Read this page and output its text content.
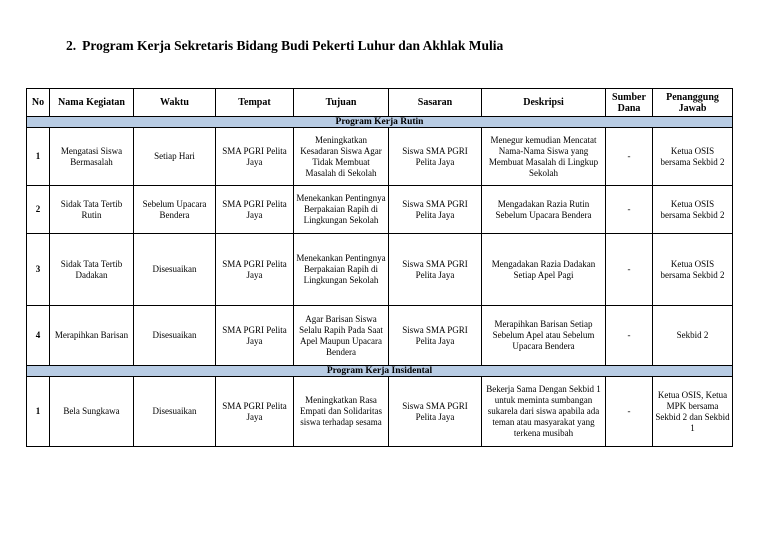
2. Program Kerja Sekretaris Bidang Budi Pekerti Luhur dan Akhlak Mulia
No	Nama Kegiatan	Waktu	Tempat	Tujuan	Sasaran	Deskripsi	Sumber Dana	Penanggung Jawab
Program Kerja Rutin								
1	Mengatasi Siswa Bermasalah	Setiap Hari	SMA PGRI Pelita Jaya	Meningkatkan Kesadaran Siswa Agar Tidak Membuat Masalah di Sekolah	Siswa SMA PGRI Pelita Jaya	Menegur kemudian Mencatat Nama-Nama Siswa yang Membuat Masalah di Lingkup Sekolah	-	Ketua OSIS bersama Sekbid 2
2	Sidak Tata Tertib Rutin	Sebelum Upacara Bendera	SMA PGRI Pelita Jaya	Menekankan Pentingnya Berpakaian Rapih di Lingkungan Sekolah	Siswa SMA PGRI Pelita Jaya	Mengadakan Razia Rutin Sebelum Upacara Bendera	-	Ketua OSIS bersama Sekbid 2
3	Sidak Tata Tertib Dadakan	Disesuaikan	SMA PGRI Pelita Jaya	Menekankan Pentingnya Berpakaian Rapih di Lingkungan Sekolah	Siswa SMA PGRI Pelita Jaya	Mengadakan Razia Dadakan Setiap Apel Pagi	-	Ketua OSIS bersama Sekbid 2
4	Merapihkan Barisan	Disesuaikan	SMA PGRI Pelita Jaya	Agar Barisan Siswa Selalu Rapih Pada Saat Apel Maupun Upacara Bendera	Siswa SMA PGRI Pelita Jaya	Merapihkan Barisan Setiap Sebelum Apel atau Sebelum Upacara Bendera	-	Sekbid 2
Program Kerja Insidental								
1	Bela Sungkawa	Disesuaikan	SMA PGRI Pelita Jaya	Meningkatkan Rasa Empati dan Solidaritas siswa terhadap sesama	Siswa SMA PGRI Pelita Jaya	Bekerja Sama Dengan Sekbid 1 untuk meminta sumbangan sukarela dari siswa apabila ada teman atau masyarakat yang terkena musibah	-	Ketua OSIS, Ketua MPK bersama Sekbid 2 dan Sekbid 1
